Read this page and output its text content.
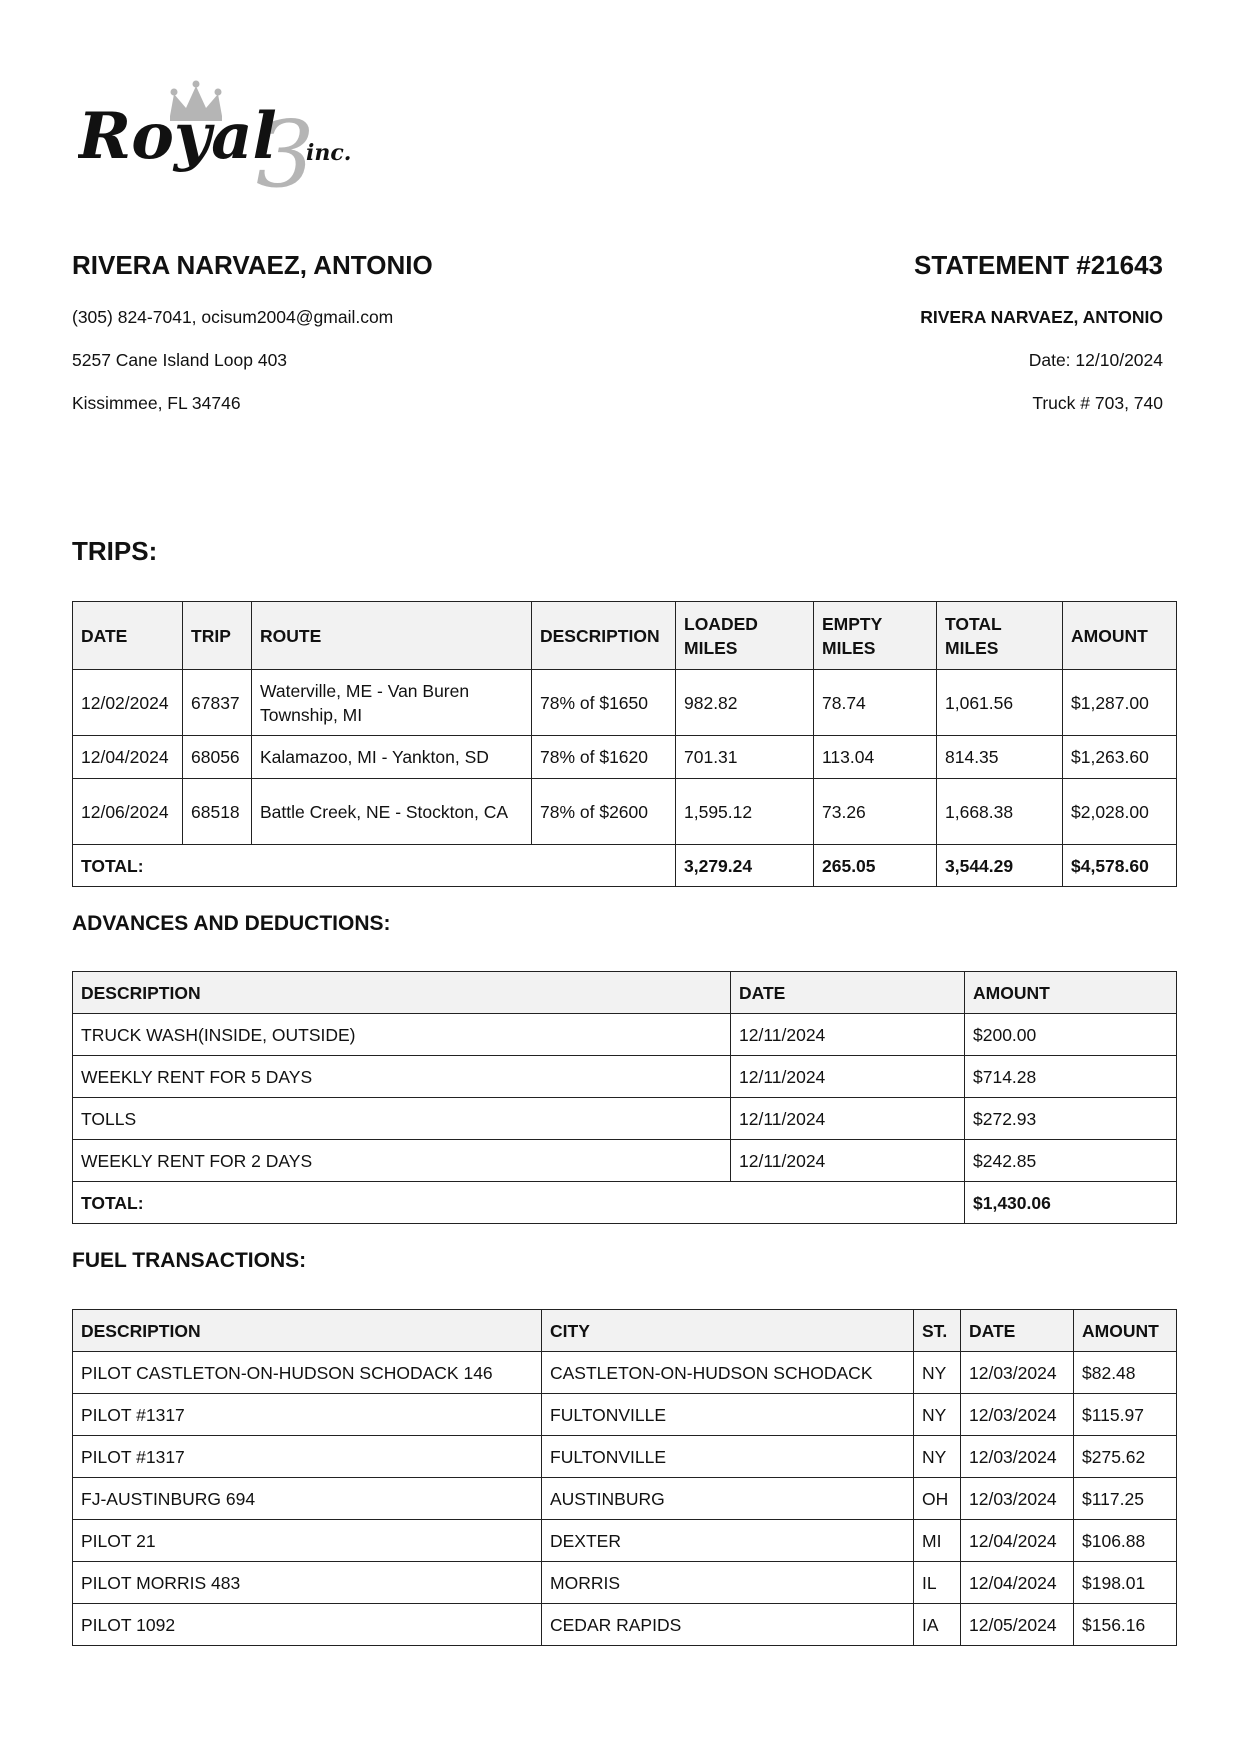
3
Royal inc.
RIVERA NARVAEZ, ANTONIO	STATEMENT #21643
(305) 824-7041, ocisum2004@gmail.com
5257 Cane Island Loop 403
Kissimmee, FL 34746
RIVERA NARVAEZ, ANTONIO
Date: 12/10/2024
Truck # 703, 740
TRIPS:
DATE	TRIP	ROUTE	DESCRIPTION	LOADED MILES	EMPTY MILES	TOTAL MILES	AMOUNT
12/02/2024	67837	Waterville, ME - Van Buren Township, MI	78% of $1650	982.82	78.74	1,061.56	$1,287.00
12/04/2024	68056	Kalamazoo, MI - Yankton, SD	78% of $1620	701.31	113.04	814.35	$1,263.60
12/06/2024	68518	Battle Creek, NE - Stockton, CA	78% of $2600	1,595.12	73.26	1,668.38	$2,028.00
TOTAL:				3,279.24	265.05	3,544.29	$4,578.60
ADVANCES AND DEDUCTIONS:
DESCRIPTION	DATE	AMOUNT
TRUCK WASH(INSIDE, OUTSIDE)	12/11/2024	$200.00
WEEKLY RENT FOR 5 DAYS	12/11/2024	$714.28
TOLLS	12/11/2024	$272.93
WEEKLY RENT FOR 2 DAYS	12/11/2024	$242.85
TOTAL:		$1,430.06
FUEL TRANSACTIONS:
DESCRIPTION	CITY	ST.	DATE	AMOUNT
PILOT CASTLETON-ON-HUDSON SCHODACK 146	CASTLETON-ON-HUDSON SCHODACK	NY	12/03/2024	$82.48
PILOT #1317	FULTONVILLE	NY	12/03/2024	$115.97
PILOT #1317	FULTONVILLE	NY	12/03/2024	$275.62
FJ-AUSTINBURG 694	AUSTINBURG	OH	12/03/2024	$117.25
PILOT 21	DEXTER	MI	12/04/2024	$106.88
PILOT MORRIS 483	MORRIS	IL	12/04/2024	$198.01
PILOT 1092	CEDAR RAPIDS	IA	12/05/2024	$156.16
